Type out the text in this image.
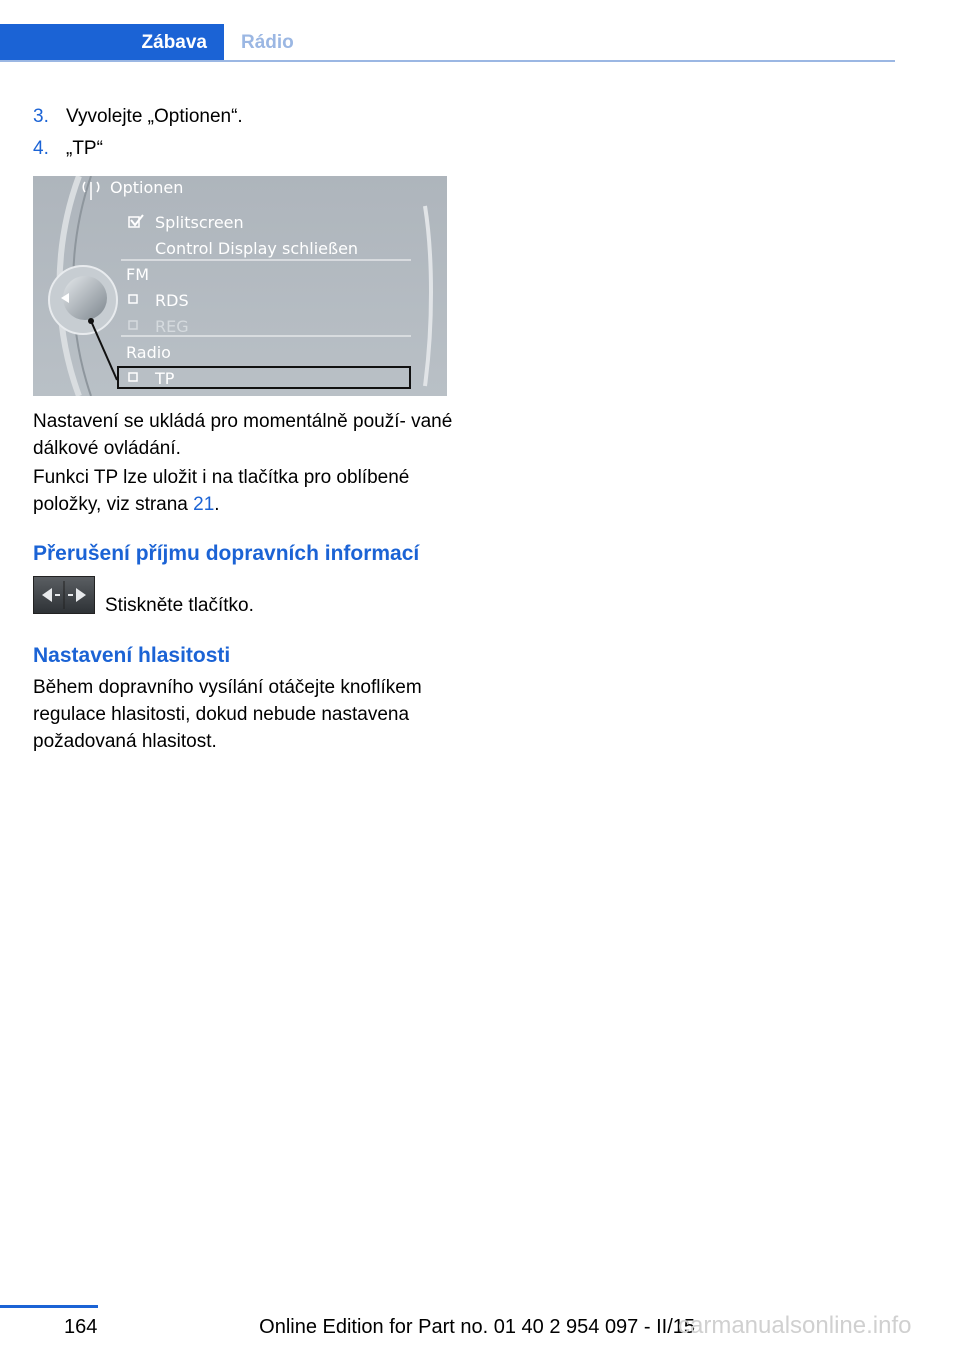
Zábava	Rádio
3. Vyvolejte „Optionen“.
4. „TP“
Optionen
Splitscreen
Control Display schließen
FM
RDS
REG
Radio
TP
Nastavení se ukládá pro momentálně použí‐ vané dálkové ovládání.
Funkci TP lze uložit i na tlačítka pro oblíbené položky, viz strana 21.
Přerušení příjmu dopravních informací
Stiskněte tlačítko.
Nastavení hlasitosti
Během dopravního vysílání otáčejte knoflíkem regulace hlasitosti, dokud nebude nastavena požadovaná hlasitost.
164	Online Edition for Part no. 01 40 2 954 097 - II/15
carmanualsonline.info
